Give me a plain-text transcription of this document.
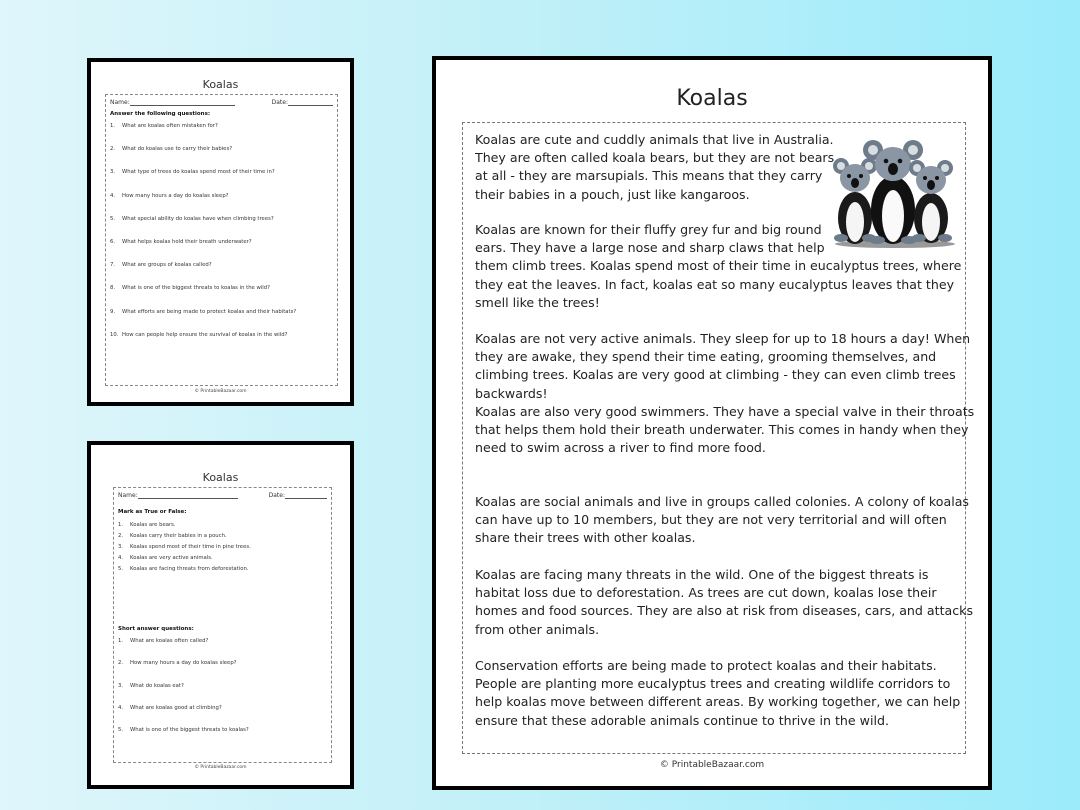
Koalas
Name:	Date:
Answer the following questions:
1. What are koalas often mistaken for?
2. What do koalas use to carry their babies?
3. What type of trees do koalas spend most of their time in?
4. How many hours a day do koalas sleep?
5. What special ability do koalas have when climbing trees?
6. What helps koalas hold their breath underwater?
7. What are groups of koalas called?
8. What is one of the biggest threats to koalas in the wild?
9. What efforts are being made to protect koalas and their habitats?
10. How can people help ensure the survival of koalas in the wild?
© PrintableBazaar.com
Koalas
Name:	Date:
Mark as True or False:
1. Koalas are bears.
2. Koalas carry their babies in a pouch.
3. Koalas spend most of their time in pine trees.
4. Koalas are very active animals.
5. Koalas are facing threats from deforestation.
Short answer questions:
1. What are koalas often called?
2. How many hours a day do koalas sleep?
3. What do koalas eat?
4. What are koalas good at climbing?
5. What is one of the biggest threats to koalas?
© PrintableBazaar.com
Koalas
Koalas are cute and cuddly animals that live in Australia.
They are often called koala bears, but they are not bears
at all - they are marsupials. This means that they carry
their babies in a pouch, just like kangaroos.
Koalas are known for their fluffy grey fur and big round
ears. They have a large nose and sharp claws that help
them climb trees. Koalas spend most of their time in eucalyptus trees, where
they eat the leaves. In fact, koalas eat so many eucalyptus leaves that they
smell like the trees!
Koalas are not very active animals. They sleep for up to 18 hours a day! When
they are awake, they spend their time eating, grooming themselves, and
climbing trees. Koalas are very good at climbing - they can even climb trees
backwards!
Koalas are also very good swimmers. They have a special valve in their throats
that helps them hold their breath underwater. This comes in handy when they
need to swim across a river to find more food.
Koalas are social animals and live in groups called colonies. A colony of koalas
can have up to 10 members, but they are not very territorial and will often
share their trees with other koalas.
Koalas are facing many threats in the wild. One of the biggest threats is
habitat loss due to deforestation. As trees are cut down, koalas lose their
homes and food sources. They are also at risk from diseases, cars, and attacks
from other animals.
Conservation efforts are being made to protect koalas and their habitats.
People are planting more eucalyptus trees and creating wildlife corridors to
help koalas move between different areas. By working together, we can help
ensure that these adorable animals continue to thrive in the wild.
© PrintableBazaar.com
